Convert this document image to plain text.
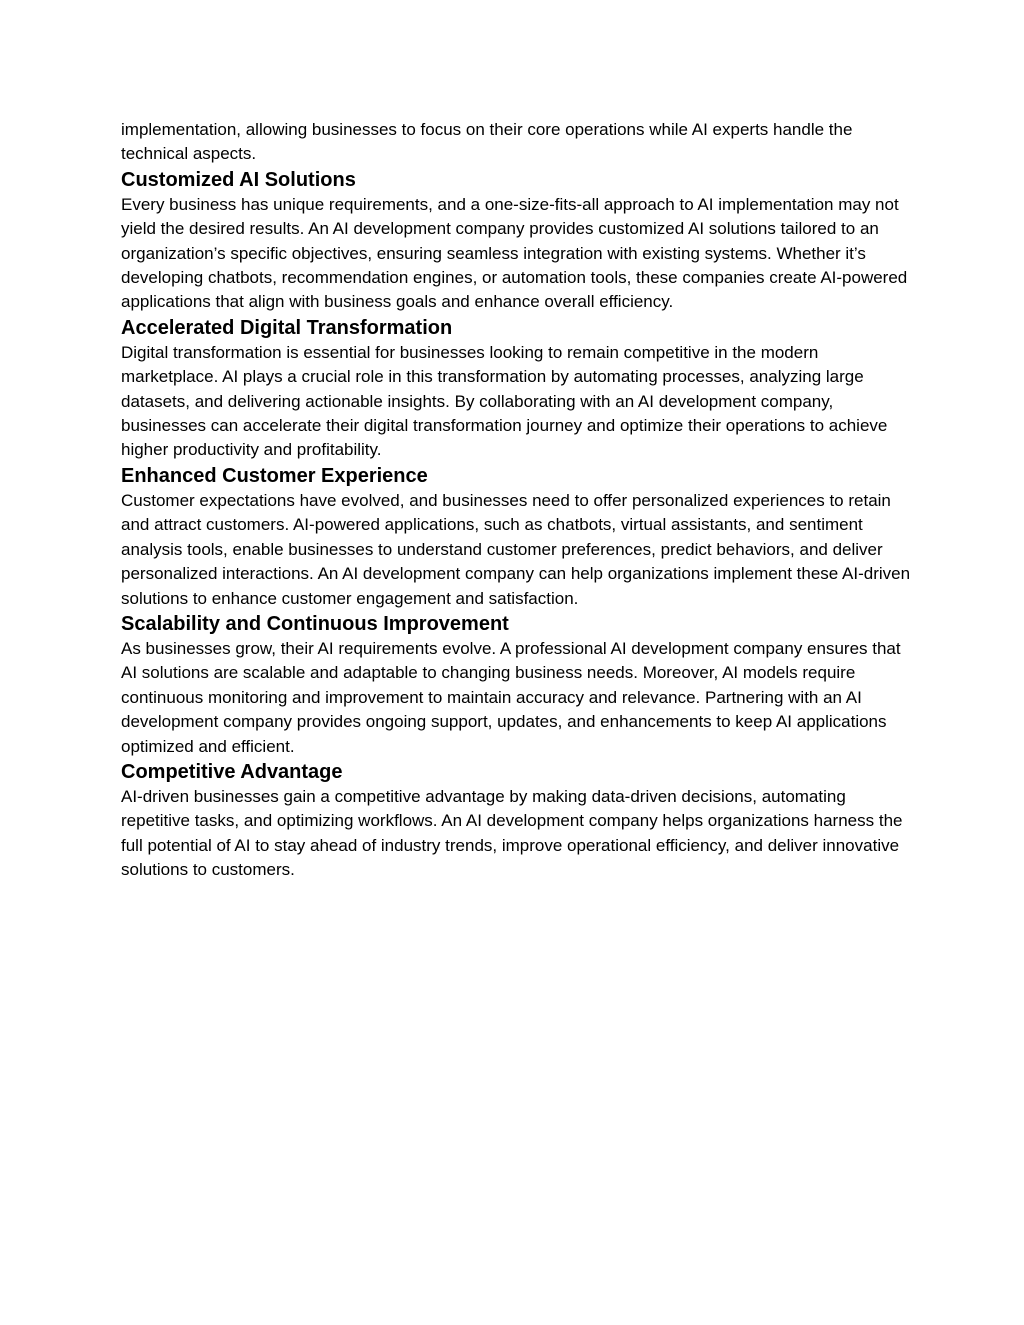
implementation, allowing businesses to focus on their core operations while AI experts handle the technical aspects.

Customized AI Solutions

Every business has unique requirements, and a one-size-fits-all approach to AI implementation may not yield the desired results. An AI development company provides customized AI solutions tailored to an organization’s specific objectives, ensuring seamless integration with existing systems. Whether it’s developing chatbots, recommendation engines, or automation tools, these companies create AI-powered applications that align with business goals and enhance overall efficiency.

Accelerated Digital Transformation

Digital transformation is essential for businesses looking to remain competitive in the modern marketplace. AI plays a crucial role in this transformation by automating processes, analyzing large datasets, and delivering actionable insights. By collaborating with an AI development company, businesses can accelerate their digital transformation journey and optimize their operations to achieve higher productivity and profitability.

Enhanced Customer Experience

Customer expectations have evolved, and businesses need to offer personalized experiences to retain and attract customers. AI-powered applications, such as chatbots, virtual assistants, and sentiment analysis tools, enable businesses to understand customer preferences, predict behaviors, and deliver personalized interactions. An AI development company can help organizations implement these AI-driven solutions to enhance customer engagement and satisfaction.

Scalability and Continuous Improvement

As businesses grow, their AI requirements evolve. A professional AI development company ensures that AI solutions are scalable and adaptable to changing business needs. Moreover, AI models require continuous monitoring and improvement to maintain accuracy and relevance. Partnering with an AI development company provides ongoing support, updates, and enhancements to keep AI applications optimized and efficient.

Competitive Advantage

AI-driven businesses gain a competitive advantage by making data-driven decisions, automating repetitive tasks, and optimizing workflows. An AI development company helps organizations harness the full potential of AI to stay ahead of industry trends, improve operational efficiency, and deliver innovative solutions to customers.
